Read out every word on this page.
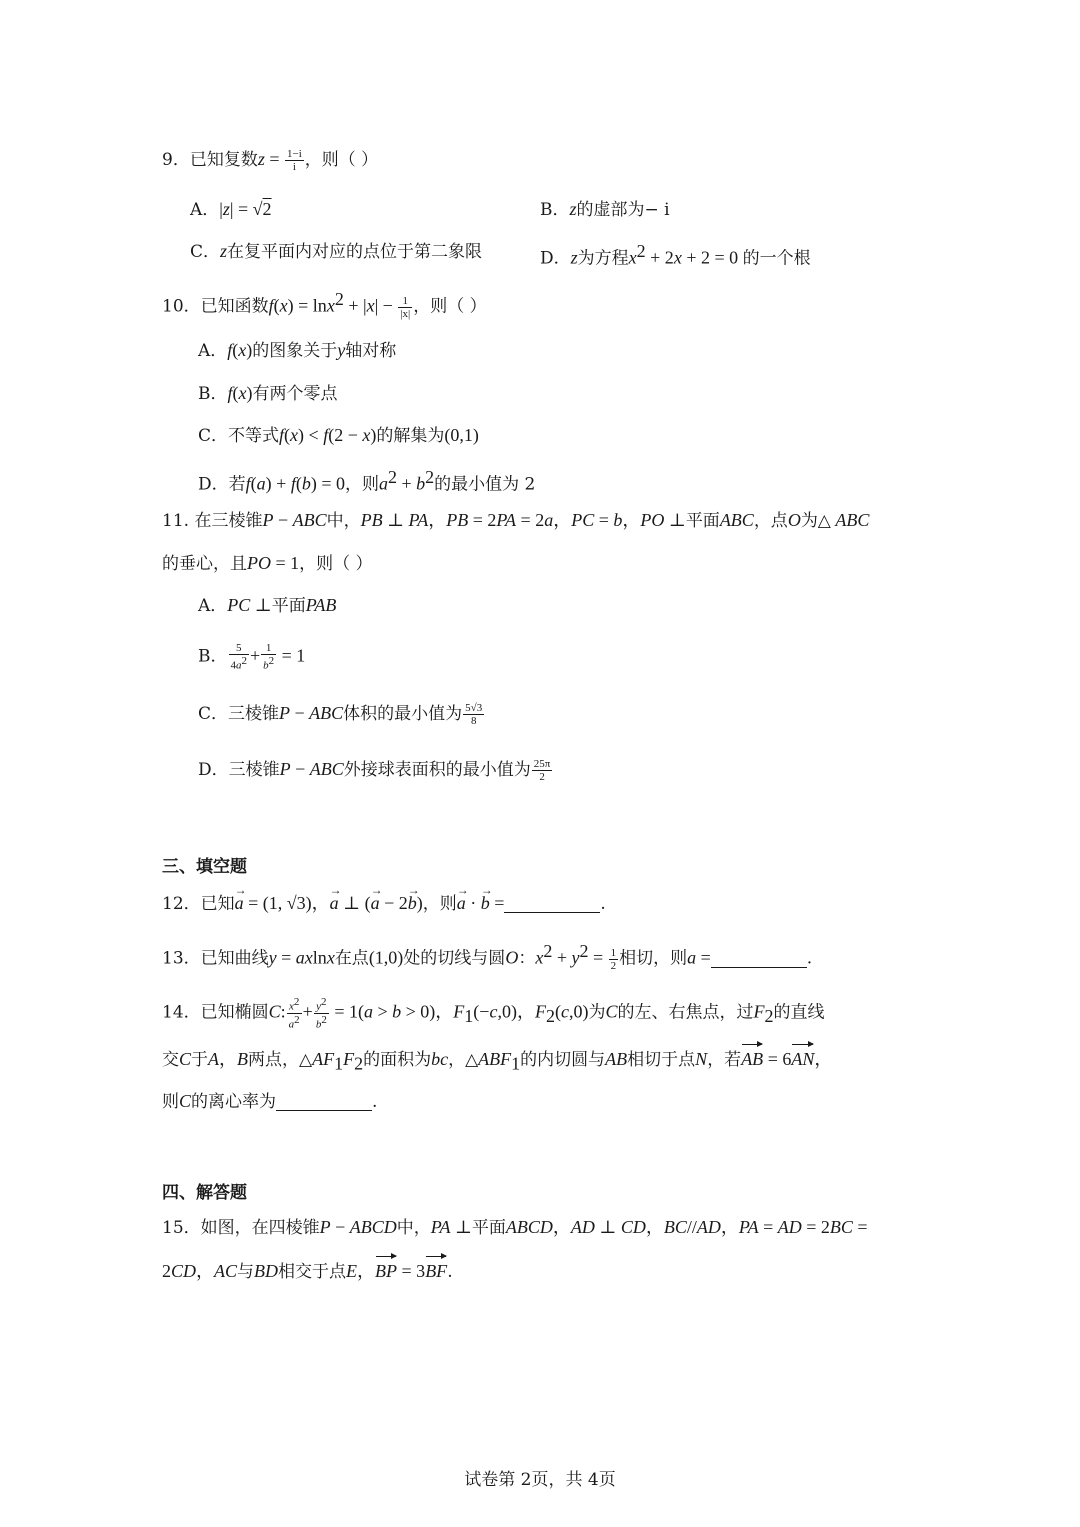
9．已知复数$z = \frac{1-i}{i}$ ，则（ ）
A．|z| = √2	B．z的虚部为− i
C．z在复平面内对应的点位于第二象限	D．z为方程$x^2 + 2x + 2 = 0$ 的一个根
10．已知函数$f(x) = \ln x^2 + |x| - \frac{1}{|x|}$ ，则（ ）
A．f(x)的图象关于y轴对称
B．f(x)有两个零点
C．不等式f(x) < f(2 − x)的解集为(0,1)
D．若f(a) + f(b) = 0，则$a^2 + b^2$的最小值为 2
11. 在三棱锥P − ABC中，PB ⊥ PA，PB = 2PA = 2a，PC = b，PO ⊥平面ABC，点O为△ ABC
的垂心，且PO = 1，则（ ）
A．PC ⊥平面PAB
B． $\frac{5}{4a^2} + \frac{1}{b^2} = 1$
C．三棱锥P − ABC体积的最小值为 $\frac{5√3}{8}$
D．三棱锥P − ABC外接球表面积的最小值为 $\frac{25\pi}{2}$
三、填空题
12．已知→ a = (1, √3)，→ a ⊥ (→ a − 2→ b)，则→ a · → b =	.
13．已知曲线y = axlnx在点(1,0)处的切线与圆O：$x^2 + y^2 = \frac{1}{2}$ 相切，则a =	.
14．已知椭圆C: $\frac{x^2}{a^2} + \frac{y^2}{b^2} = 1(a > b > 0)$，$F_1(-c,0)$，$F_2(c,0)$为C的左、右焦点，过$F_2$的直线
交C于A，B两点，$\triangle AF_1F_2$的面积为bc，$\triangle ABF_1$的内切圆与AB相切于点N，若AB = 6AN，
则C的离心率为	.
四、解答题
15．如图，在四棱锥P − ABCD中，PA ⊥平面ABCD，AD ⊥ CD，BC//AD，PA = AD = 2BC =
2CD，AC与BD相交于点E，BP = 3BF.
试卷第 2页，共 4页
